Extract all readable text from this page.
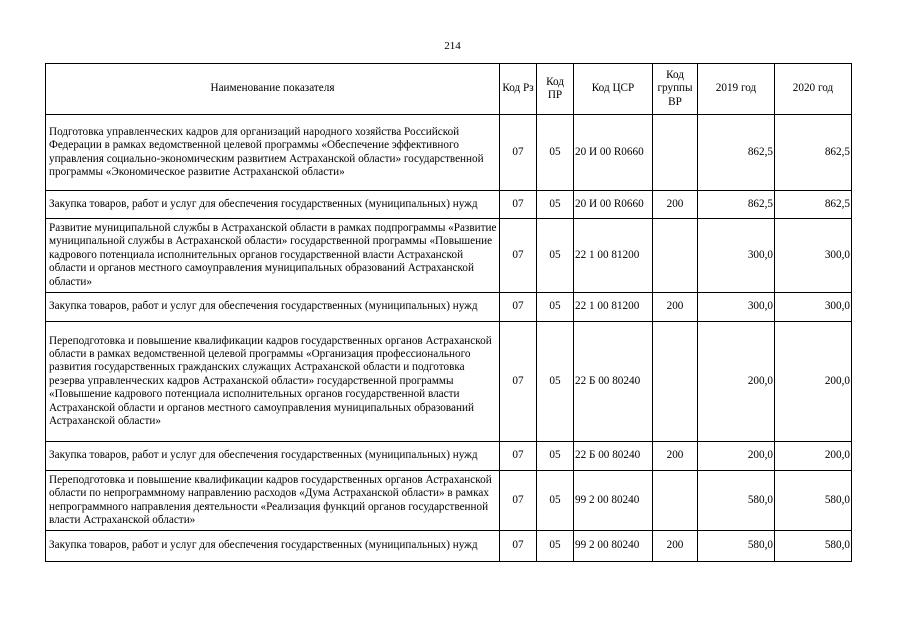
214
Наименование показателя	Код Рз	Код ПР	Код ЦСР	Код группы ВР	2019 год	2020 год
Подготовка управленческих кадров для организаций народного хозяйства Российской Федерации в рамках ведомственной целевой программы «Обеспечение эффективного управления социально-экономическим развитием Астраханской области» государственной программы «Экономическое развитие Астраханской области»	07	05	20 И 00 R0660		862,5	862,5
Закупка товаров, работ и услуг для обеспечения государственных (муниципальных) нужд	07	05	20 И 00 R0660	200	862,5	862,5
Развитие муниципальной службы в Астраханской области в рамках подпрограммы «Развитие муниципальной службы в Астраханской области» государственной программы «Повышение кадрового потенциала исполнительных органов государственной власти Астраханской области и органов местного самоуправления муниципальных образований Астраханской области»	07	05	22 1 00 81200		300,0	300,0
Закупка товаров, работ и услуг для обеспечения государственных (муниципальных) нужд	07	05	22 1 00 81200	200	300,0	300,0
Переподготовка и повышение квалификации кадров государственных органов Астраханской области в рамках ведомственной целевой программы «Организация профессионального развития государственных гражданских служащих Астраханской области и подготовка резерва управленческих кадров Астраханской области» государственной программы «Повышение кадрового потенциала исполнительных органов государственной власти Астраханской области и органов местного самоуправления муниципальных образований Астраханской области»	07	05	22 Б 00 80240		200,0	200,0
Закупка товаров, работ и услуг для обеспечения государственных (муниципальных) нужд	07	05	22 Б 00 80240	200	200,0	200,0
Переподготовка и повышение квалификации кадров государственных органов Астраханской области по непрограммному направлению расходов «Дума Астраханской области» в рамках непрограммного направления деятельности «Реализация функций органов государственной власти Астраханской области»	07	05	99 2 00 80240		580,0	580,0
Закупка товаров, работ и услуг для обеспечения государственных (муниципальных) нужд	07	05	99 2 00 80240	200	580,0	580,0
